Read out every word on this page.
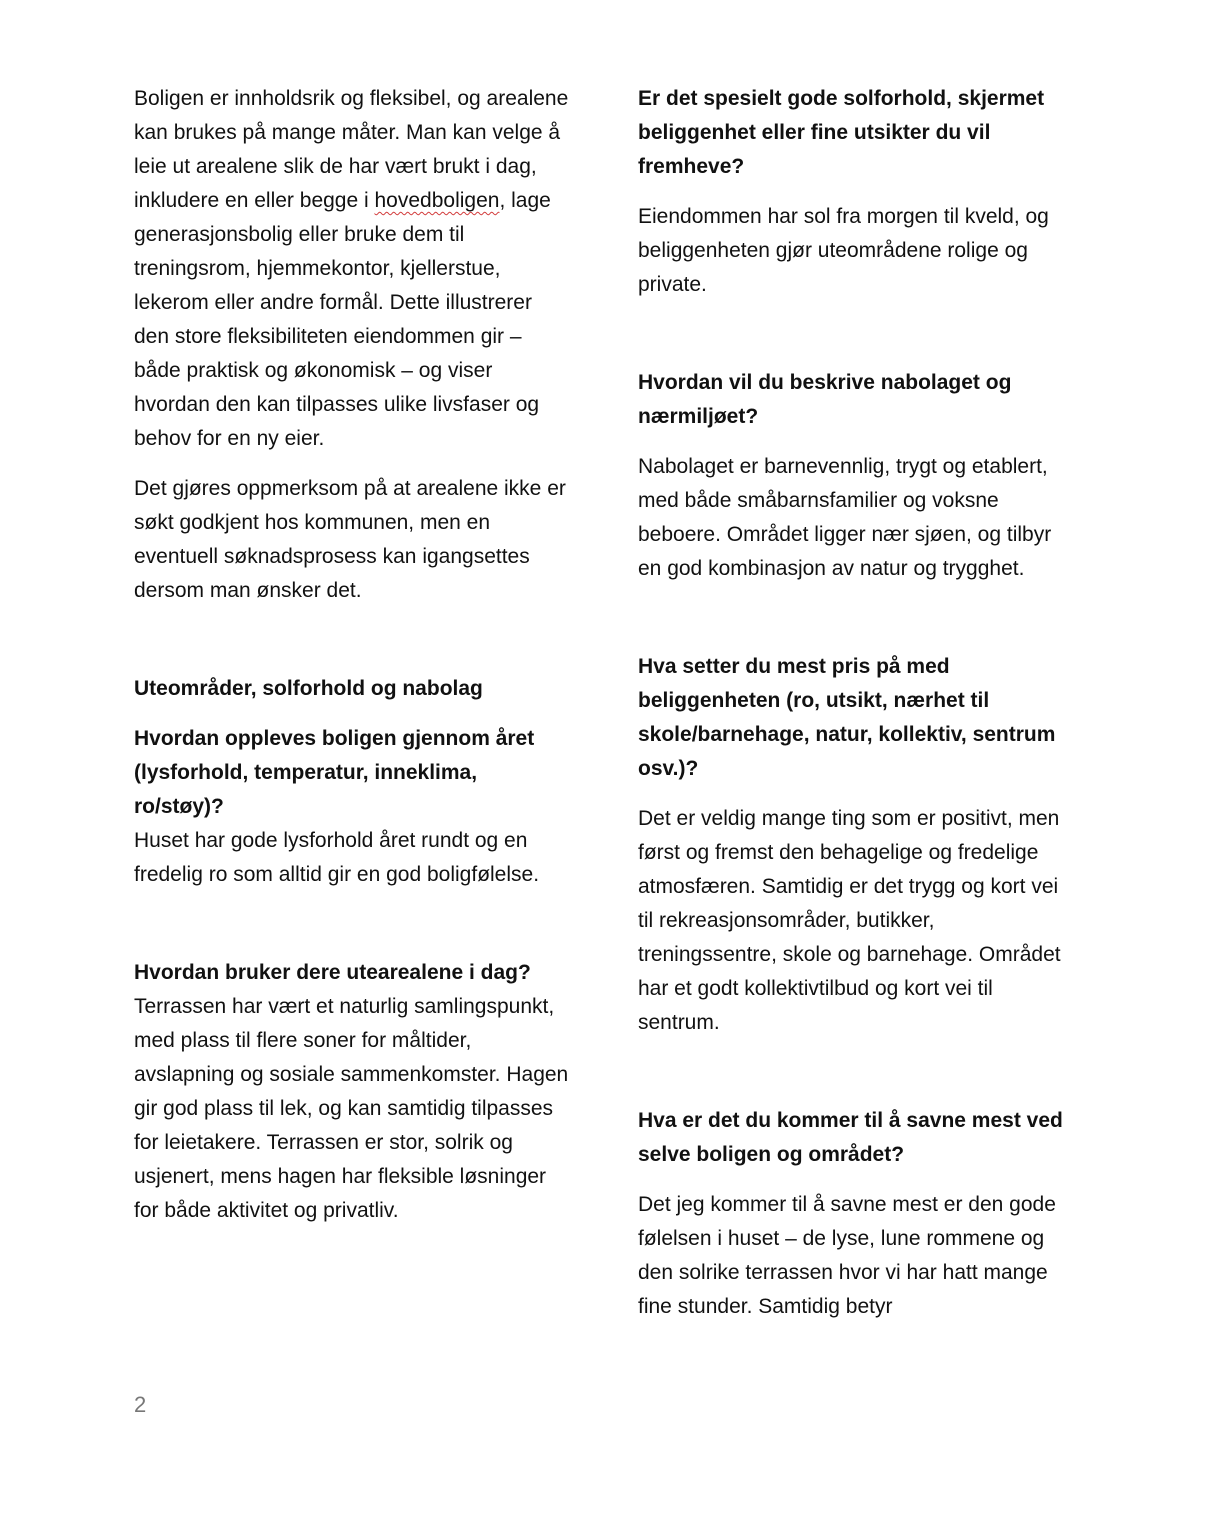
Boligen er innholdsrik og fleksibel, og arealene kan brukes på mange måter. Man kan velge å leie ut arealene slik de har vært brukt i dag, inkludere en eller begge i hovedboligen, lage generasjonsbolig eller bruke dem til treningsrom, hjemmekontor, kjellerstue, lekerom eller andre formål. Dette illustrerer den store fleksibiliteten eiendommen gir – både praktisk og økonomisk – og viser hvordan den kan tilpasses ulike livsfaser og behov for en ny eier.

Det gjøres oppmerksom på at arealene ikke er søkt godkjent hos kommunen, men en eventuell søknadsprosess kan igangsettes dersom man ønsker det.

Uteområder, solforhold og nabolag

Hvordan oppleves boligen gjennom året (lysforhold, temperatur, inneklima, ro/støy)?

Huset har gode lysforhold året rundt og en fredelig ro som alltid gir en god boligfølelse.

Hvordan bruker dere utearealene i dag?

Terrassen har vært et naturlig samlingspunkt, med plass til flere soner for måltider, avslapning og sosiale sammenkomster. Hagen gir god plass til lek, og kan samtidig tilpasses for leietakere. Terrassen er stor, solrik og usjenert, mens hagen har fleksible løsninger for både aktivitet og privatliv.

Er det spesielt gode solforhold, skjermet beliggenhet eller fine utsikter du vil fremheve?

Eiendommen har sol fra morgen til kveld, og beliggenheten gjør uteområdene rolige og private.

Hvordan vil du beskrive nabolaget og nærmiljøet?

Nabolaget er barnevennlig, trygt og etablert, med både småbarnsfamilier og voksne beboere. Området ligger nær sjøen, og tilbyr en god kombinasjon av natur og trygghet.

Hva setter du mest pris på med beliggenheten (ro, utsikt, nærhet til skole/barnehage, natur, kollektiv, sentrum osv.)?

Det er veldig mange ting som er positivt, men først og fremst den behagelige og fredelige atmosfæren. Samtidig er det trygg og kort vei til rekreasjonsområder, butikker, treningssentre, skole og barnehage. Området har et godt kollektivtilbud og kort vei til sentrum.

Hva er det du kommer til å savne mest ved selve boligen og området?

Det jeg kommer til å savne mest er den gode følelsen i huset – de lyse, lune rommene og den solrike terrassen hvor vi har hatt mange fine stunder. Samtidig betyr

2
